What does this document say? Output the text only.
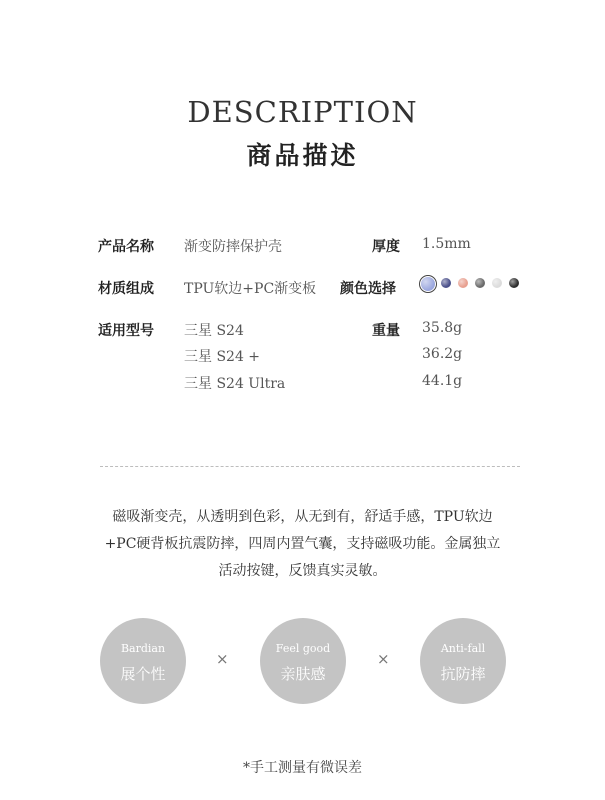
DESCRIPTION
商品描述
产品名称 渐变防摔保护壳	厚度 1.5mm
材质组成 TPU软边+PC渐变板 颜色选择
适用型号 三星 S24
三星 S24 +
三星 S24 Ultra
重量 35.8g
36.2g
44.1g
磁吸渐变壳，从透明到色彩，从无到有，舒适手感，TPU软边
+PC硬背板抗震防摔，四周内置气囊，支持磁吸功能。金属独立
活动按键，反馈真实灵敏。
Bardian
展个性
×
Feel good
亲肤感
×
Anti-fall
抗防摔
*手工测量有微误差
